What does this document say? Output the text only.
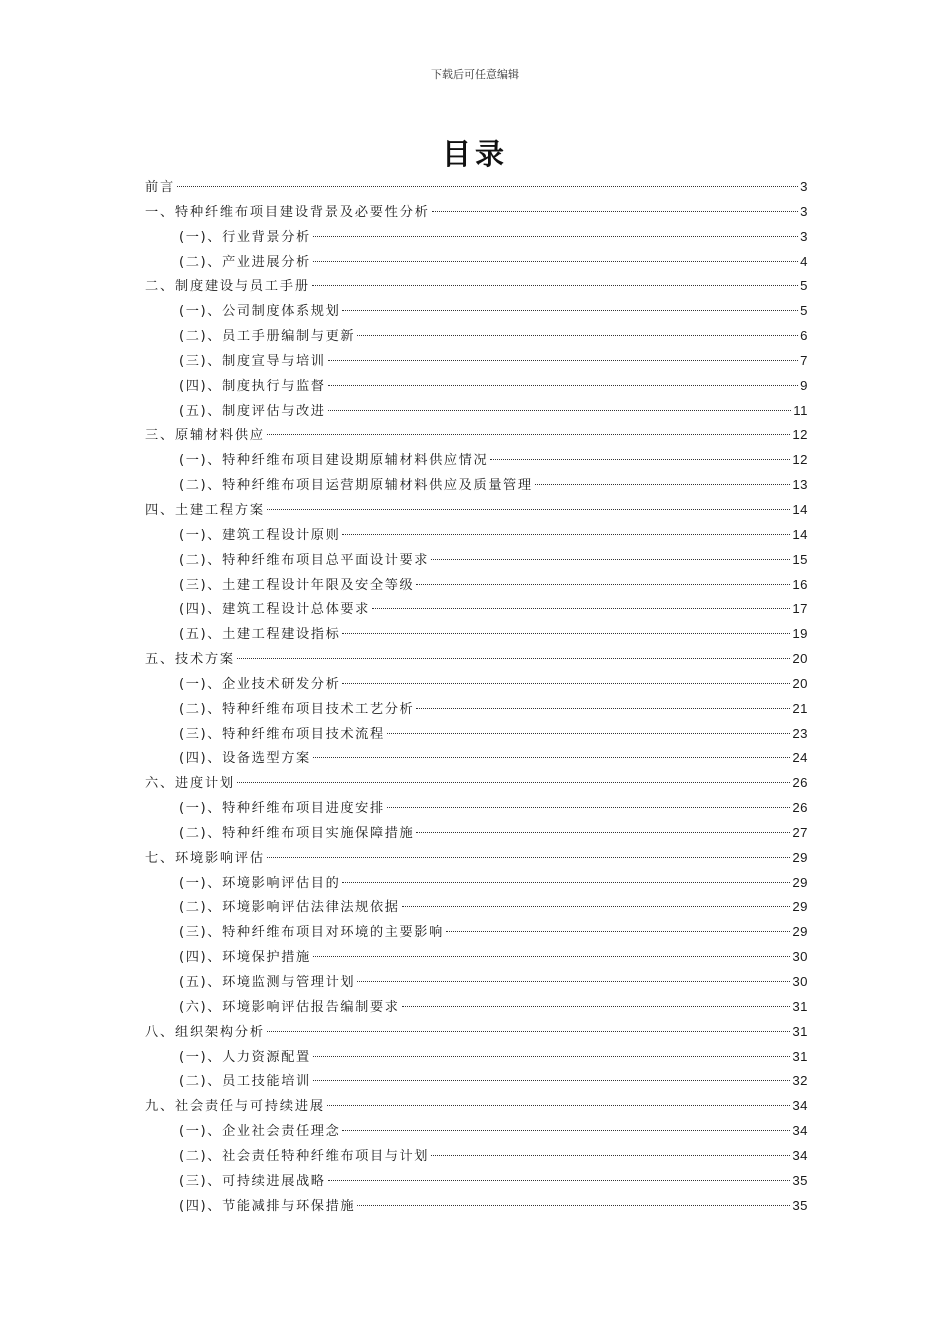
下载后可任意编辑
目录
前言	3
一、特种纤维布项目建设背景及必要性分析	3
(一)、行业背景分析	3
(二)、产业进展分析	4
二、制度建设与员工手册	5
(一)、公司制度体系规划	5
(二)、员工手册编制与更新	6
(三)、制度宣导与培训	7
(四)、制度执行与监督	9
(五)、制度评估与改进	11
三、原辅材料供应	12
(一)、特种纤维布项目建设期原辅材料供应情况	12
(二)、特种纤维布项目运营期原辅材料供应及质量管理	13
四、土建工程方案	14
(一)、建筑工程设计原则	14
(二)、特种纤维布项目总平面设计要求	15
(三)、土建工程设计年限及安全等级	16
(四)、建筑工程设计总体要求	17
(五)、土建工程建设指标	19
五、技术方案	20
(一)、企业技术研发分析	20
(二)、特种纤维布项目技术工艺分析	21
(三)、特种纤维布项目技术流程	23
(四)、设备选型方案	24
六、进度计划	26
(一)、特种纤维布项目进度安排	26
(二)、特种纤维布项目实施保障措施	27
七、环境影响评估	29
(一)、环境影响评估目的	29
(二)、环境影响评估法律法规依据	29
(三)、特种纤维布项目对环境的主要影响	29
(四)、环境保护措施	30
(五)、环境监测与管理计划	30
(六)、环境影响评估报告编制要求	31
八、组织架构分析	31
(一)、人力资源配置	31
(二)、员工技能培训	32
九、社会责任与可持续进展	34
(一)、企业社会责任理念	34
(二)、社会责任特种纤维布项目与计划	34
(三)、可持续进展战略	35
(四)、节能减排与环保措施	35
